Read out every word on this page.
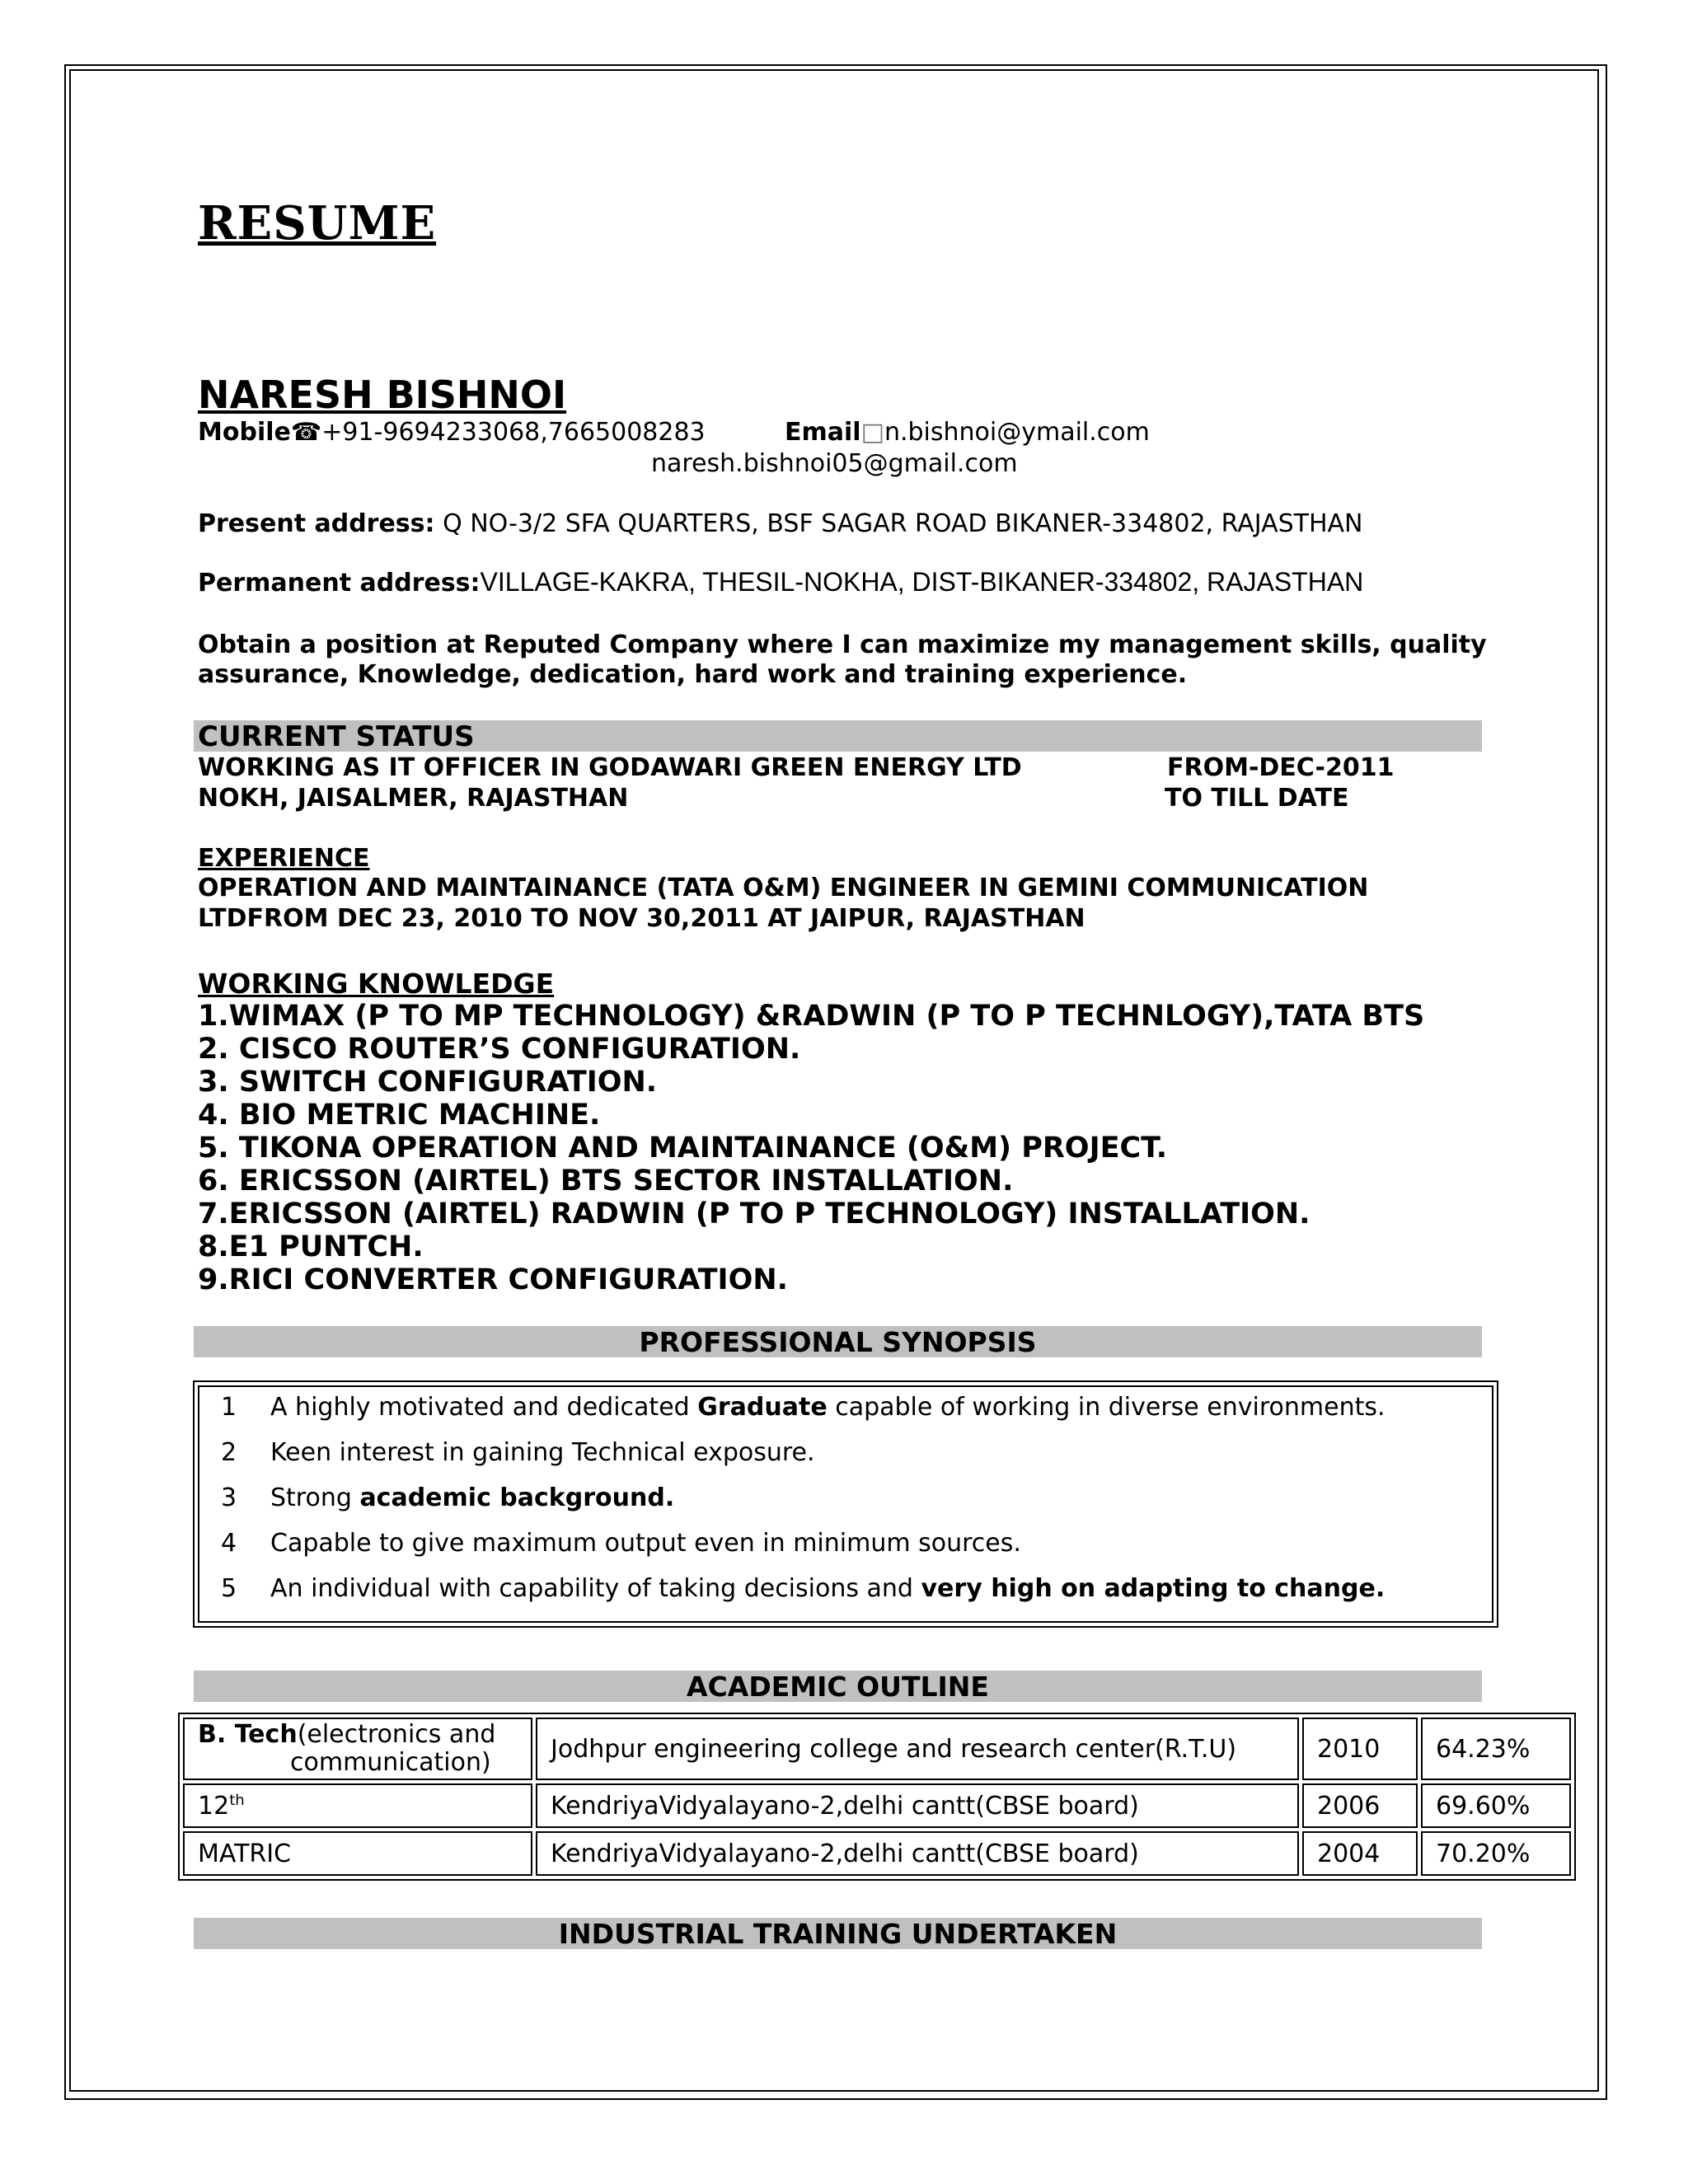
RESUME
NARESH BISHNOI
Mobile☎+91-9694233068,7665008283	Email□n.bishnoi@ymail.com
naresh.bishnoi05@gmail.com
Present address: Q NO-3/2 SFA QUARTERS, BSF SAGAR ROAD BIKANER-334802, RAJASTHAN
Permanent address:VILLAGE-KAKRA, THESIL-NOKHA, DIST-BIKANER-334802, RAJASTHAN
Obtain a position at Reputed Company where I can maximize my management skills, quality
assurance, Knowledge, dedication, hard work and training experience.
CURRENT STATUS
WORKING AS IT OFFICER IN GODAWARI GREEN ENERGY LTD	FROM-DEC-2011
NOKH, JAISALMER, RAJASTHAN	TO TILL DATE
EXPERIENCE
OPERATION AND MAINTAINANCE (TATA O&M) ENGINEER IN GEMINI COMMUNICATION
LTDFROM DEC 23, 2010 TO NOV 30,2011 AT JAIPUR, RAJASTHAN
WORKING KNOWLEDGE
1.WIMAX (P TO MP TECHNOLOGY) &RADWIN (P TO P TECHNLOGY),TATA BTS
2. CISCO ROUTER’S CONFIGURATION.
3. SWITCH CONFIGURATION.
4. BIO METRIC MACHINE.
5. TIKONA OPERATION AND MAINTAINANCE (O&M) PROJECT.
6. ERICSSON (AIRTEL) BTS SECTOR INSTALLATION.
7.ERICSSON (AIRTEL) RADWIN (P TO P TECHNOLOGY) INSTALLATION.
8.E1 PUNTCH.
9.RICI CONVERTER CONFIGURATION.
PROFESSIONAL SYNOPSIS
1 A highly motivated and dedicated Graduate capable of working in diverse environments.
2 Keen interest in gaining Technical exposure.
3 Strong academic background.
4 Capable to give maximum output even in minimum sources.
5 An individual with capability of taking decisions and very high on adapting to change.
ACADEMIC OUTLINE
B. Tech(electronics and
communication)	Jodhpur engineering college and research center(R.T.U)	2010	64.23%
12th	KendriyaVidyalayano-2,delhi cantt(CBSE board)	2006	69.60%
MATRIC	KendriyaVidyalayano-2,delhi cantt(CBSE board)	2004	70.20%
INDUSTRIAL TRAINING UNDERTAKEN
